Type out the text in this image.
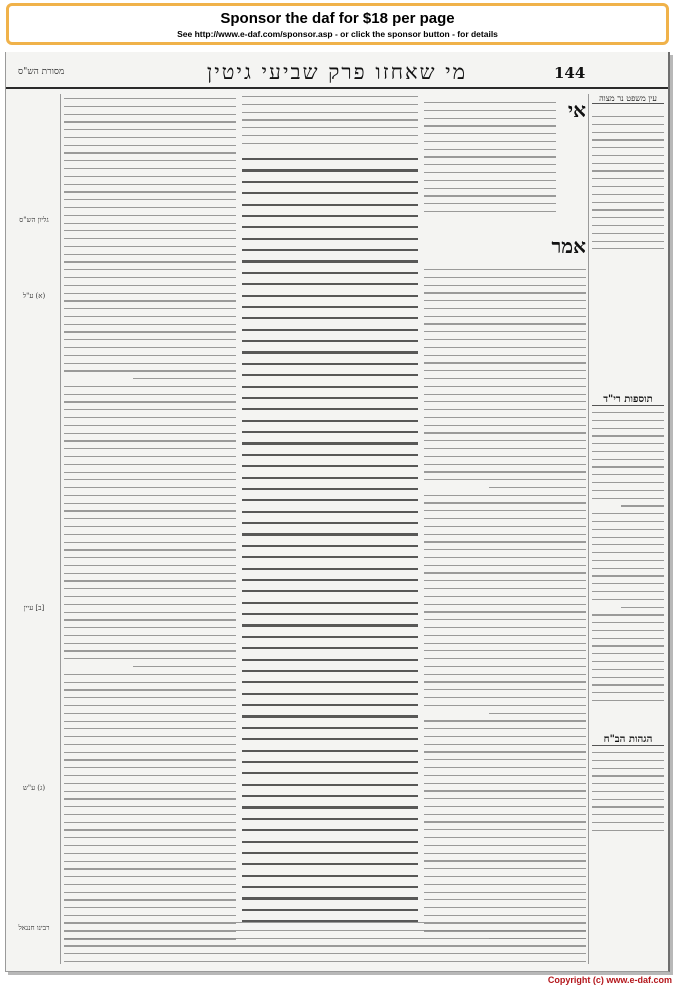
Sponsor the daf for $18 per page
See http://www.e-daf.com/sponsor.asp - or click the sponsor button - for details
מסורת הש"ס	מי שאחזו פרק שביעי גיטין	144
עין משפט נר מצוה
תוספות רי"ד
הגהות הב"ח
אי
אמר
גליון הש"ס
(א) ע"ל
[ב] עיין
(ג) ע"ש
רבינו חננאל
Copyright (c) www.e-daf.com
